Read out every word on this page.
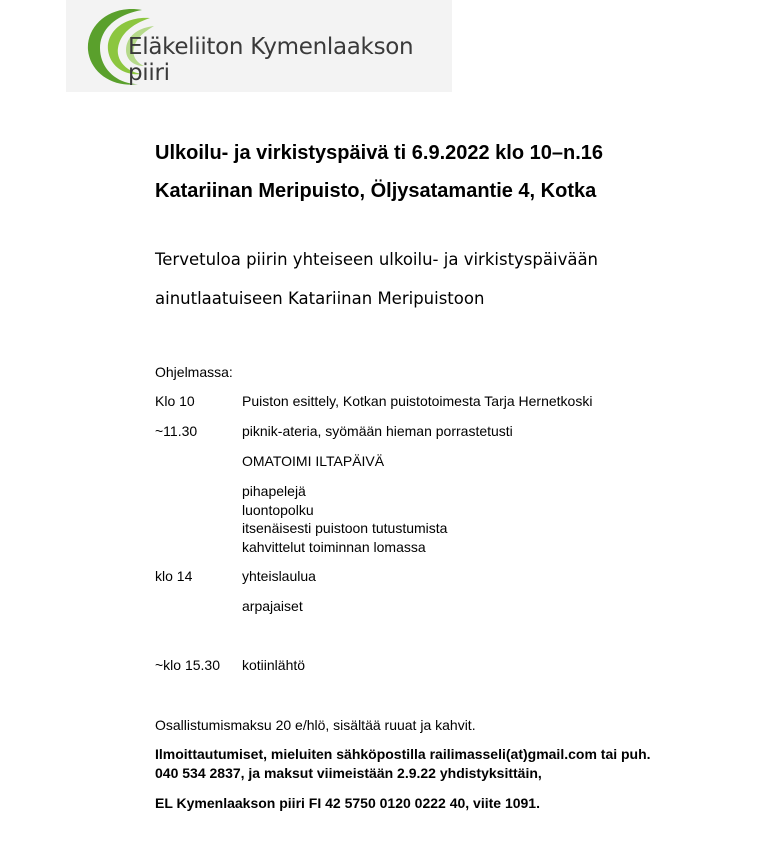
Eläkeliiton Kymenlaakson piiri
Ulkoilu- ja virkistyspäivä ti 6.9.2022 klo 10–n.16
Katariinan Meripuisto, Öljysatamantie 4, Kotka
Tervetuloa piirin yhteiseen ulkoilu- ja virkistyspäivään
ainutlaatuiseen Katariinan Meripuistoon
Ohjelmassa:
Klo 10	Puiston esittely, Kotkan puistotoimesta Tarja Hernetkoski
~11.30	piknik-ateria, syömään hieman porrastetusti
OMATOIMI ILTAPÄIVÄ
pihapelejä
luontopolku
itsenäisesti puistoon tutustumista
kahvittelut toiminnan lomassa
klo 14	yhteislaulua
arpajaiset
~klo 15.30 kotiinlähtö
Osallistumismaksu 20 e/hlö, sisältää ruuat ja kahvit.
Ilmoittautumiset, mieluiten sähköpostilla railimasseli(at)gmail.com tai puh.
040 534 2837, ja maksut viimeistään 2.9.22 yhdistyksittäin,
EL Kymenlaakson piiri FI 42 5750 0120 0222 40, viite 1091.
